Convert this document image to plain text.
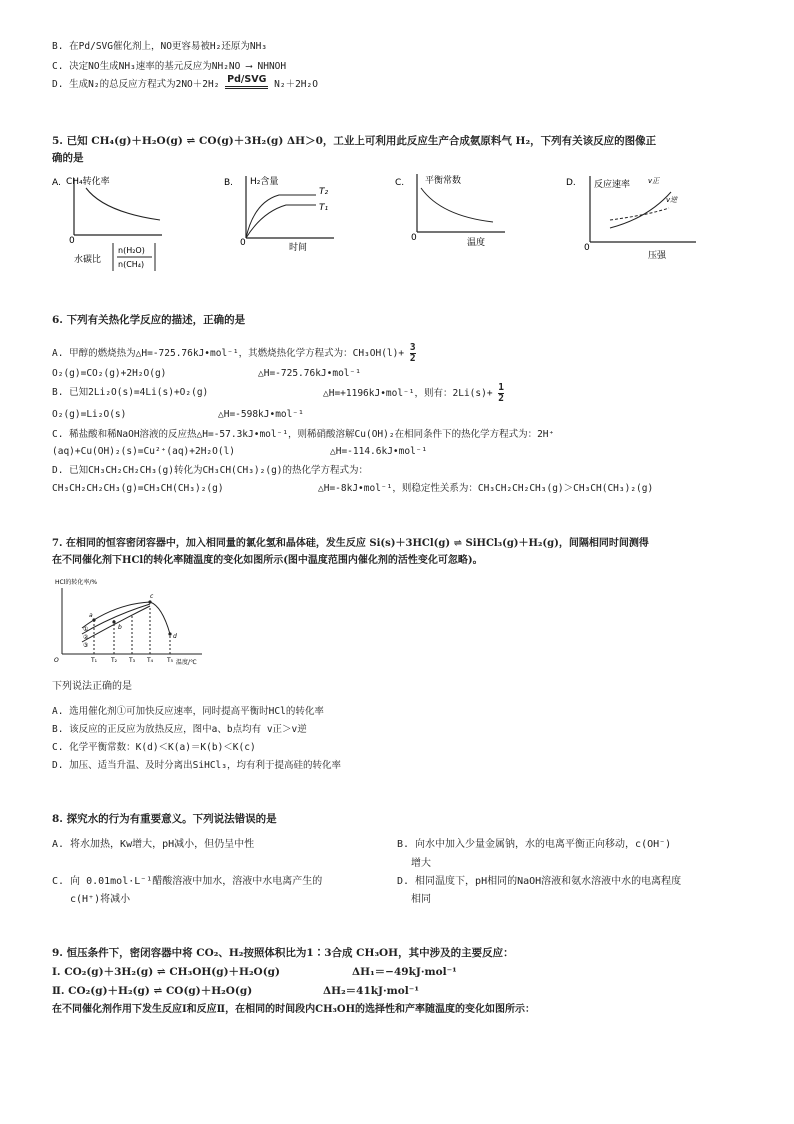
B. 在Pd/SVG催化剂上，NO更容易被H₂还原为NH₃
C. 决定NO生成NH₃速率的基元反应为NH₂NO ⟶ NHNOH
D. 生成N₂的总反应方程式为2NO＋2H₂ Pd/SVG N₂＋2H₂O
5. 已知 CH₄(g)＋H₂O(g) ⇌ CO(g)＋3H₂(g) ΔH＞0，工业上可利用此反应生产合成氨原料气 H₂，下列有关该反应的图像正
确的是
A. CH₄转化率
0
水碳比
n(H₂O)
n(CH₄)
B. H₂含量
T₂
T₁
0	时间
C. 平衡常数
0	温度
D. 反应速率	v正
v逆
0
压强
6. 下列有关热化学反应的描述，正确的是
A. 甲醇的燃烧热为△H=-725.76kJ•mol⁻¹，其燃烧热化学方程式为：$CH_3OH(l)+ \frac{3}{2}$
O₂(g)=CO₂(g)+2H₂O(g)	△H=-725.76kJ•mol⁻¹
B. 已知2Li₂O(s)=4Li(s)+O₂(g)	△H=+1196kJ•mol⁻¹，则有：$2Li(s)+ \frac{1}{2}$
O₂(g)=Li₂O(s)	△H=-598kJ•mol⁻¹
C. 稀盐酸和稀NaOH溶液的反应热△H=-57.3kJ•mol⁻¹，则稀硝酸溶解Cu(OH)₂在相同条件下的热化学方程式为：2H⁺
(aq)+Cu(OH)₂(s)=Cu²⁺(aq)+2H₂O(l)	△H=-114.6kJ•mol⁻¹
D. 已知CH₃CH₂CH₂CH₃(g)转化为CH₃CH(CH₃)₂(g)的热化学方程式为：
CH₃CH₂CH₂CH₃(g)=CH₃CH(CH₃)₂(g)	△H=-8kJ•mol⁻¹，则稳定性关系为：CH₃CH₂CH₂CH₃(g)＞CH₃CH(CH₃)₂(g)
7. 在相同的恒容密闭容器中，加入相同量的氯化氢和晶体硅，发生反应 Si(s)＋3HCl(g) ⇌ SiHCl₃(g)＋H₂(g)，间隔相同时间测得
在不同催化剂下HCl的转化率随温度的变化如图所示(图中温度范围内催化剂的活性变化可忽略)。
HCl的转化率/%
O	温度/℃
T₁ T₂ T₃ T₄ T₅
a
b
c
d
①
②
③
下列说法正确的是
A. 选用催化剂①可加快反应速率，同时提高平衡时HCl的转化率
B. 该反应的正反应为放热反应，图中a、b点均有 v正＞v逆
C. 化学平衡常数：K(d)＜K(a)＝K(b)＜K(c)
D. 加压、适当升温、及时分离出SiHCl₃，均有利于提高硅的转化率
8. 探究水的行为有重要意义。下列说法错误的是
A. 将水加热，Kw增大，pH减小，但仍呈中性	B. 向水中加入少量金属钠，水的电离平衡正向移动，c(OH⁻)
增大
C. 向 0.01mol·L⁻¹醋酸溶液中加水，溶液中水电离产生的
c(H⁺)将减小
D. 相同温度下，pH相同的NaOH溶液和氨水溶液中水的电离程度
相同
9. 恒压条件下，密闭容器中将 CO₂、H₂按照体积比为1∶3合成 CH₃OH，其中涉及的主要反应：
Ⅰ. CO₂(g)＋3H₂(g) ⇌ CH₃OH(g)＋H₂O(g)	ΔH₁＝−49kJ·mol⁻¹
Ⅱ. CO₂(g)＋H₂(g) ⇌ CO(g)＋H₂O(g)	ΔH₂＝41kJ·mol⁻¹
在不同催化剂作用下发生反应Ⅰ和反应Ⅱ，在相同的时间段内CH₃OH的选择性和产率随温度的变化如图所示：
